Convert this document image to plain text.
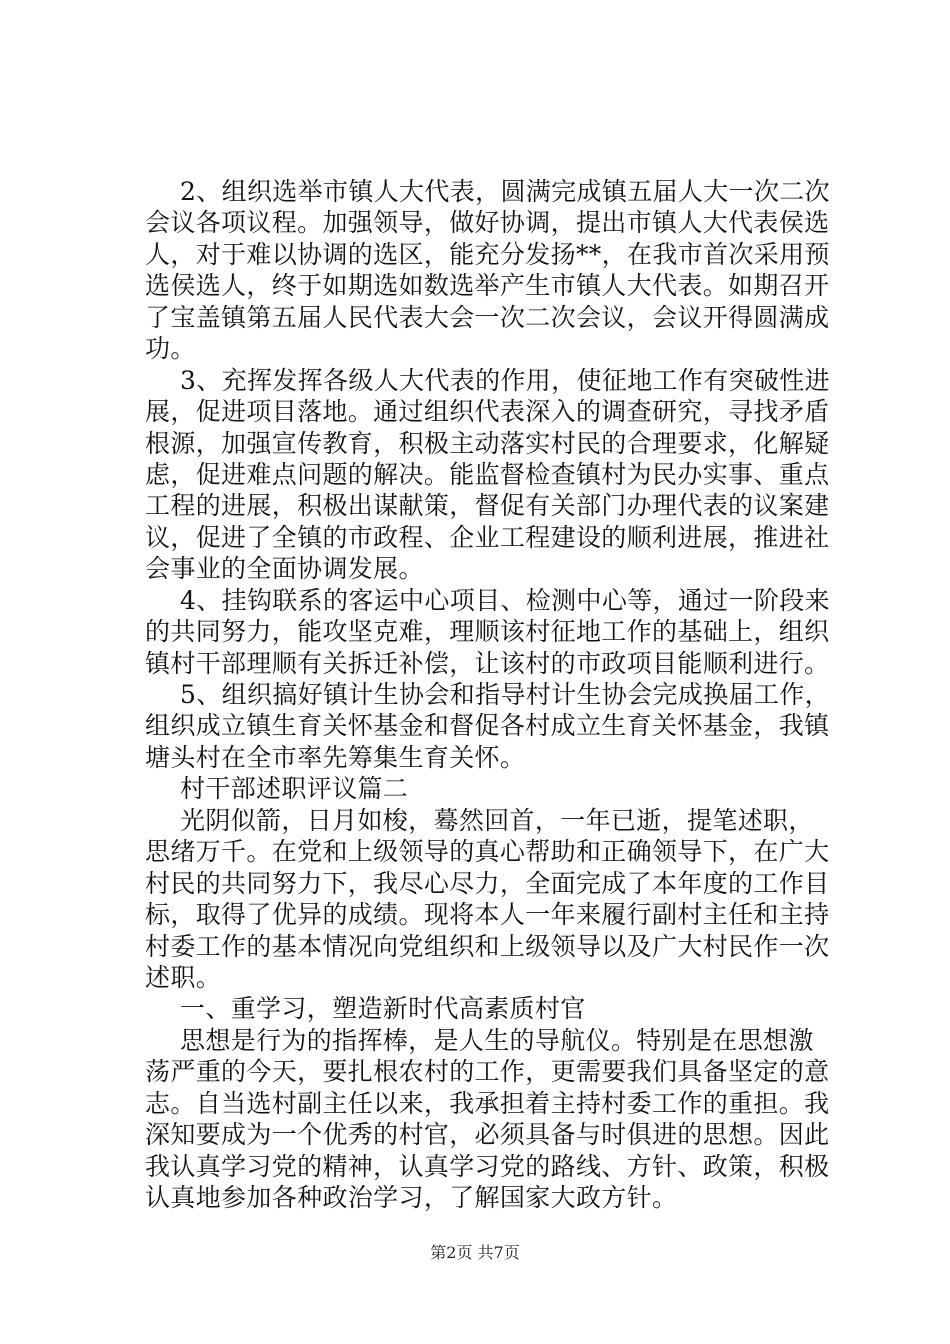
2、组织选举市镇人大代表，圆满完成镇五届人大一次二次
会议各项议程。加强领导，做好协调，提出市镇人大代表侯选
人，对于难以协调的选区，能充分发扬**，在我市首次采用预
选侯选人，终于如期选如数选举产生市镇人大代表。如期召开
了宝盖镇第五届人民代表大会一次二次会议，会议开得圆满成
功。
3、充挥发挥各级人大代表的作用，使征地工作有突破性进
展，促进项目落地。通过组织代表深入的调查研究，寻找矛盾
根源，加强宣传教育，积极主动落实村民的合理要求，化解疑
虑，促进难点问题的解决。能监督检查镇村为民办实事、重点
工程的进展，积极出谋献策，督促有关部门办理代表的议案建
议，促进了全镇的市政程、企业工程建设的顺利进展，推进社
会事业的全面协调发展。
4、挂钩联系的客运中心项目、检测中心等，通过一阶段来
的共同努力，能攻坚克难，理顺该村征地工作的基础上，组织
镇村干部理顺有关拆迁补偿，让该村的市政项目能顺利进行。
5、组织搞好镇计生协会和指导村计生协会完成换届工作，
组织成立镇生育关怀基金和督促各村成立生育关怀基金，我镇
塘头村在全市率先筹集生育关怀。
村干部述职评议篇二
光阴似箭，日月如梭，蓦然回首，一年已逝，提笔述职，
思绪万千。在党和上级领导的真心帮助和正确领导下，在广大
村民的共同努力下，我尽心尽力，全面完成了本年度的工作目
标，取得了优异的成绩。现将本人一年来履行副村主任和主持
村委工作的基本情况向党组织和上级领导以及广大村民作一次
述职。
一、重学习，塑造新时代高素质村官
思想是行为的指挥棒，是人生的导航仪。特别是在思想激
荡严重的今天，要扎根农村的工作，更需要我们具备坚定的意
志。自当选村副主任以来，我承担着主持村委工作的重担。我
深知要成为一个优秀的村官，必须具备与时俱进的思想。因此
我认真学习党的精神，认真学习党的路线、方针、政策，积极
认真地参加各种政治学习，了解国家大政方针。
第2页 共7页
